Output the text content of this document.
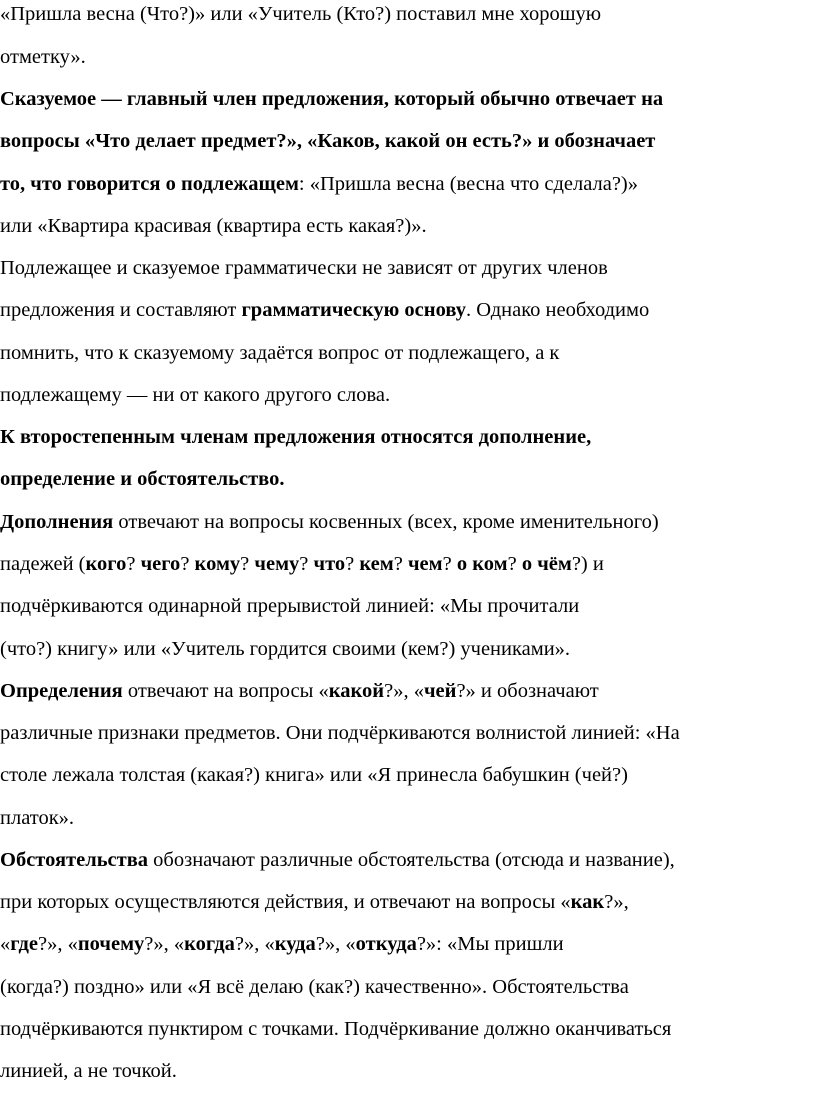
«Пришла весна (Что?)» или «Учитель (Кто?) поставил мне хорошую
отметку».
Сказуемое — главный член предложения, который обычно отвечает на
вопросы «Что делает предмет?», «Каков, какой он есть?» и обозначает
то, что говорится о подлежащем: «Пришла весна (весна что сделала?)»
или «Квартира красивая (квартира есть какая?)».
Подлежащее и сказуемое грамматически не зависят от других членов
предложения и составляют грамматическую основу. Однако необходимо
помнить, что к сказуемому задаётся вопрос от подлежащего, а к
подлежащему — ни от какого другого слова.
К второстепенным членам предложения относятся дополнение,
определение и обстоятельство.
Дополнения отвечают на вопросы косвенных (всех, кроме именительного)
падежей (кого? чего? кому? чему? что? кем? чем? о ком? о чём?) и
подчёркиваются одинарной прерывистой линией: «Мы прочитали
(что?) книгу» или «Учитель гордится своими (кем?) учениками».
Определения отвечают на вопросы «какой?», «чей?» и обозначают
различные признаки предметов. Они подчёркиваются волнистой линией: «На
столе лежала толстая (какая?) книга» или «Я принесла бабушкин (чей?)
платок».
Обстоятельства обозначают различные обстоятельства (отсюда и название),
при которых осуществляются действия, и отвечают на вопросы «как?»,
«где?», «почему?», «когда?», «куда?», «откуда?»: «Мы пришли
(когда?) поздно» или «Я всё делаю (как?) качественно». Обстоятельства
подчёркиваются пунктиром с точками. Подчёркивание должно оканчиваться
линией, а не точкой.
